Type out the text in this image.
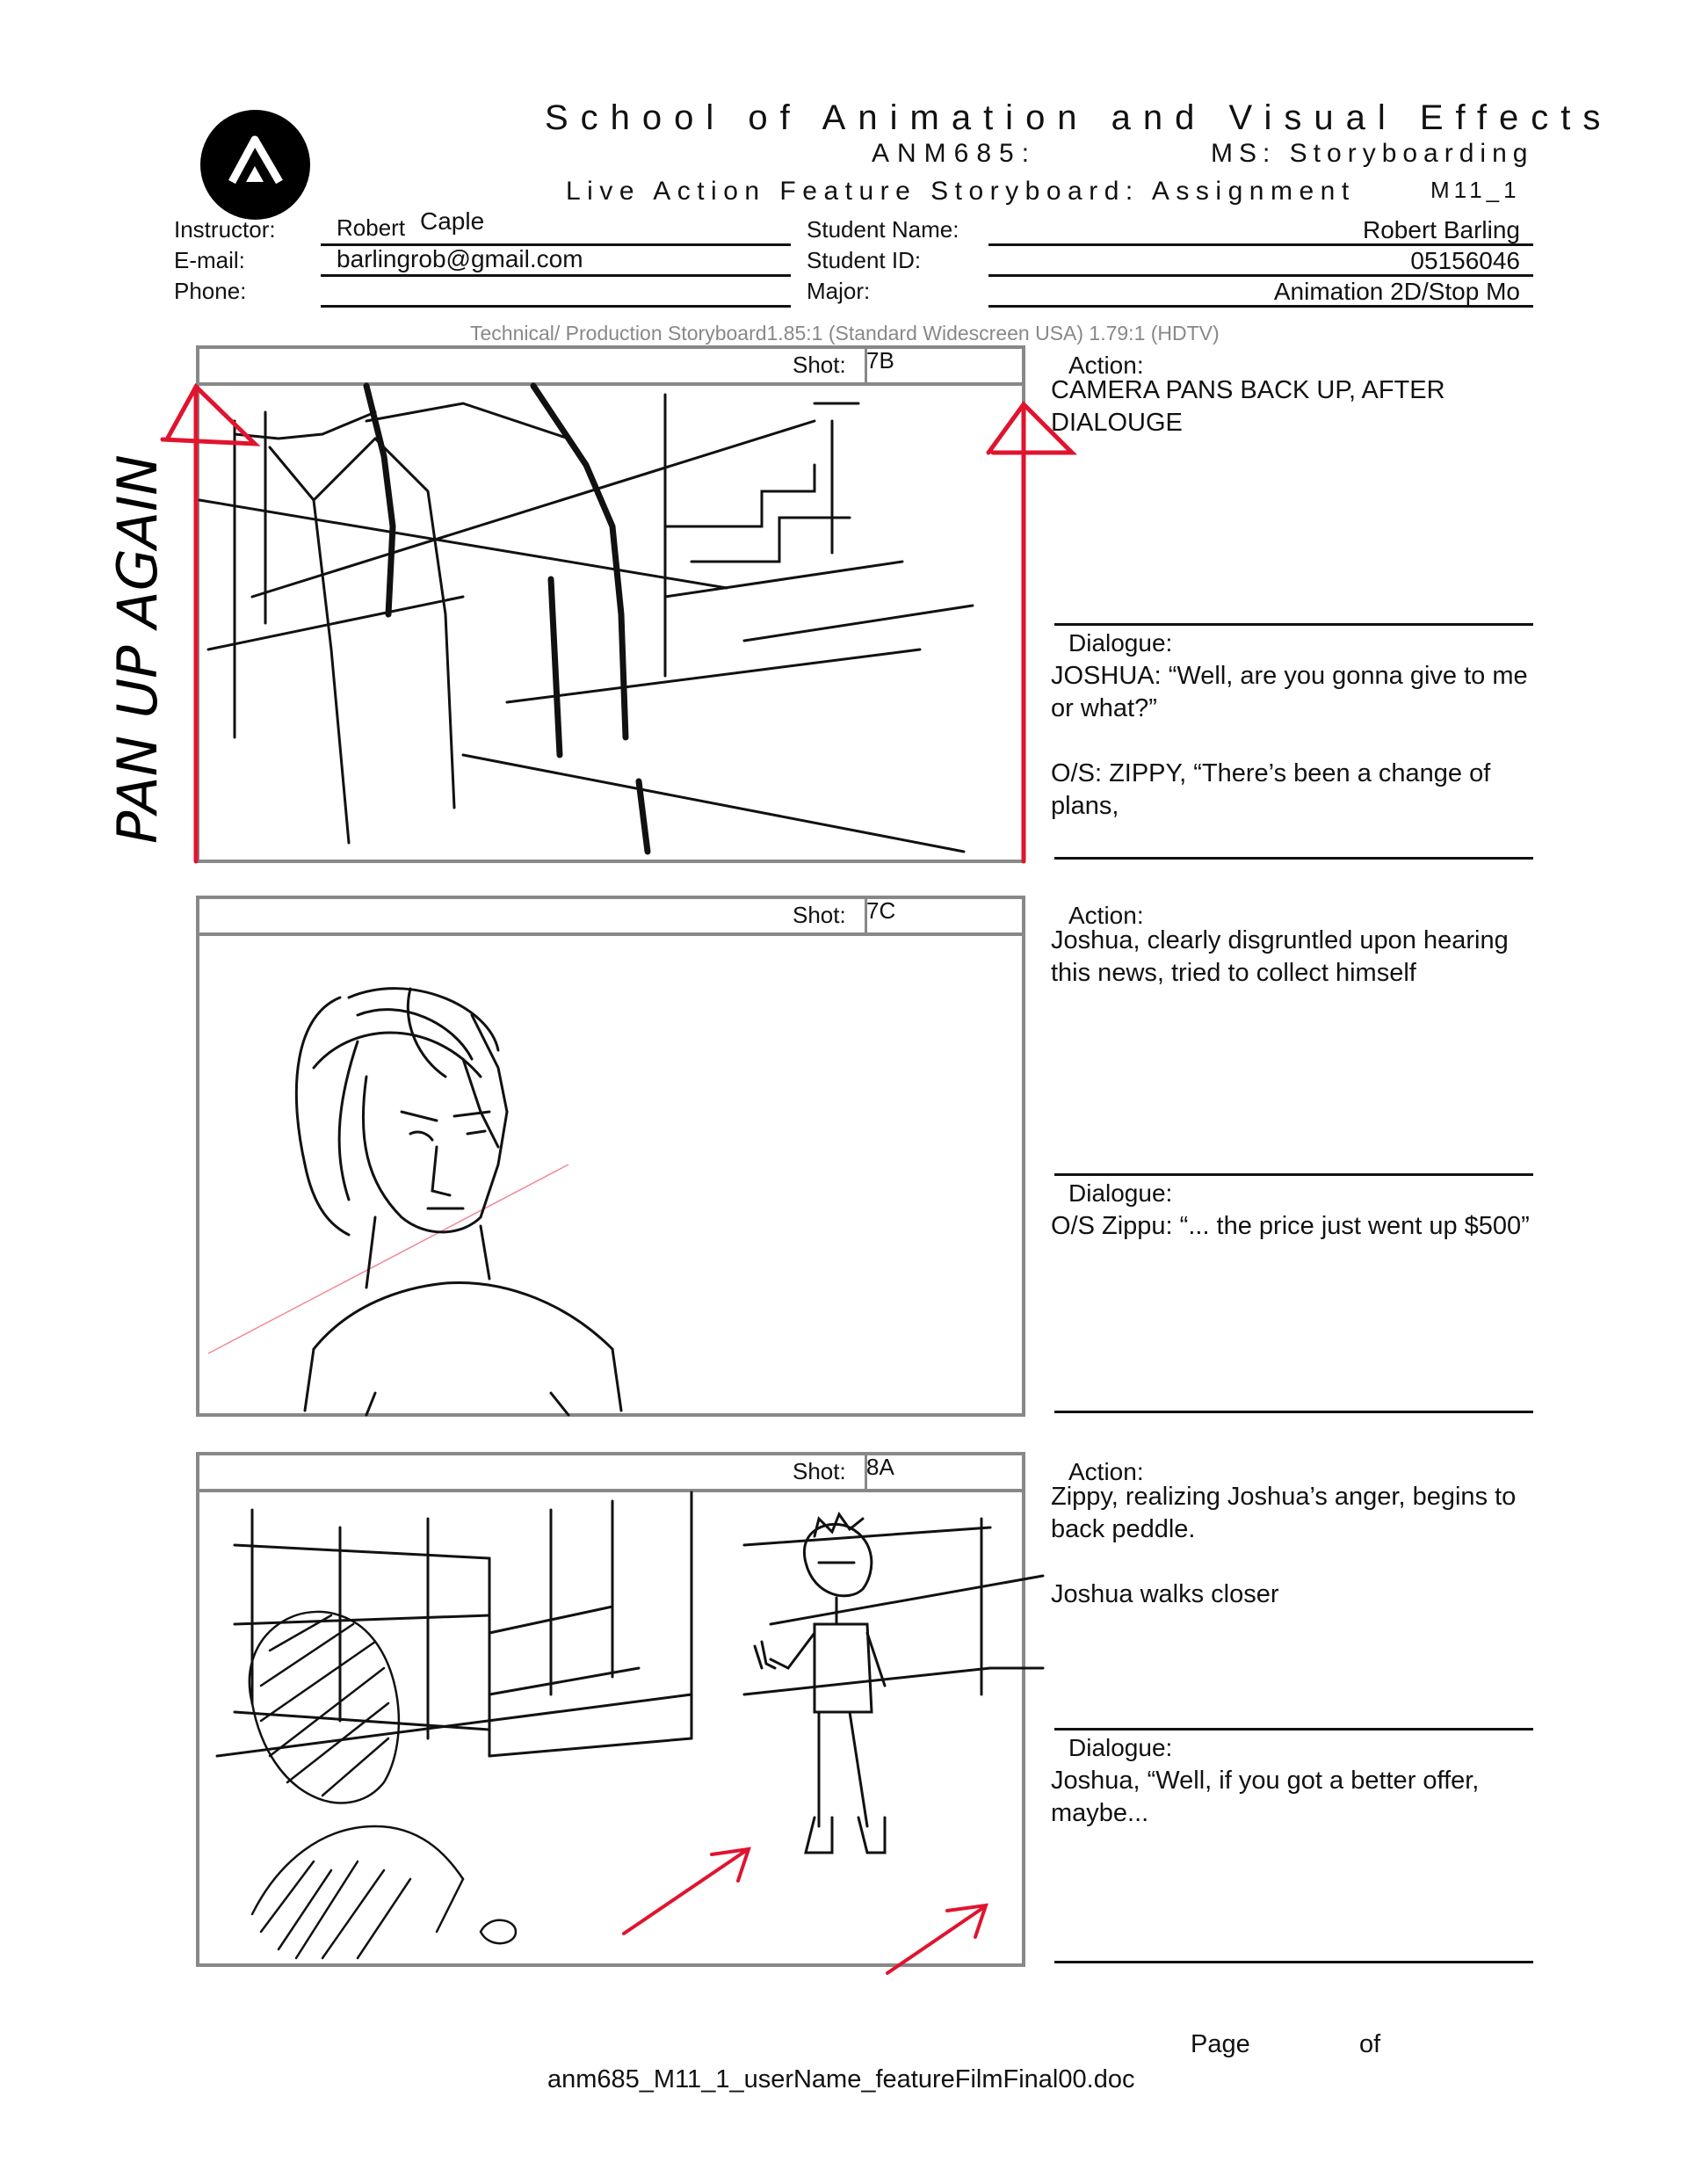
School of Animation and Visual Effects
ANM685:	MS: Storyboarding
Live Action Feature Storyboard: Assignment	M11_1
Instructor:	Robert Caple
E-mail:	barlingrob@gmail.com
Phone:
Student Name:	Robert Barling
Student ID:	05156046
Major:	Animation 2D/Stop Mo
Technical/ Production Storyboard1.85:1 (Standard Widescreen USA) 1.79:1 (HDTV)
PAN UP AGAIN
Shot: 7B	Action:
CAMERA PANS BACK UP, AFTER DIALOUGE
Dialogue:
JOSHUA: “Well, are you gonna give to me or what?”

O/S: ZIPPY, “There’s been a change of plans,
Shot: 7C	Action:
Joshua, clearly disgruntled upon hearing this news, tried to collect himself
Dialogue:
O/S Zippu: “... the price just went up $500”
Shot: 8A	Action:
Zippy, realizing Joshua’s anger, begins to back peddle.

Joshua walks closer
Dialogue:
Joshua, “Well, if you got a better offer, maybe...
Page	of
anm685_M11_1_userName_featureFilmFinal00.doc
